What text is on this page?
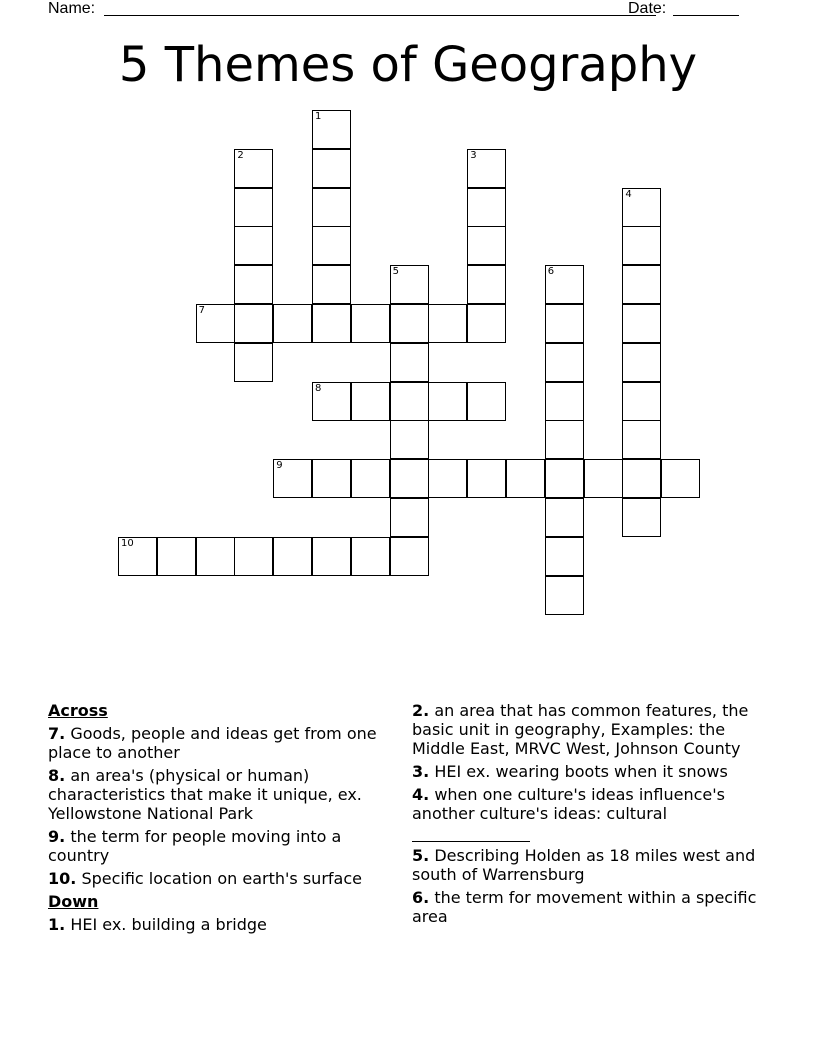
Name:	Date:
5 Themes of Geography
1
2	3
4
5	6
7
8
9
10
Across
7. Goods, people and ideas get from one place to another
8. an area's (physical or human) characteristics that make it unique, ex. Yellowstone National Park
9. the term for people moving into a country
10. Specific location on earth's surface
Down
1. HEI ex. building a bridge
2. an area that has common features, the basic unit in geography, Examples: the Middle East, MRVC West, Johnson County
3. HEI ex. wearing boots when it snows
4. when one culture's ideas influence's another culture's ideas: cultural

5. Describing Holden as 18 miles west and south of Warrensburg
6. the term for movement within a specific area
